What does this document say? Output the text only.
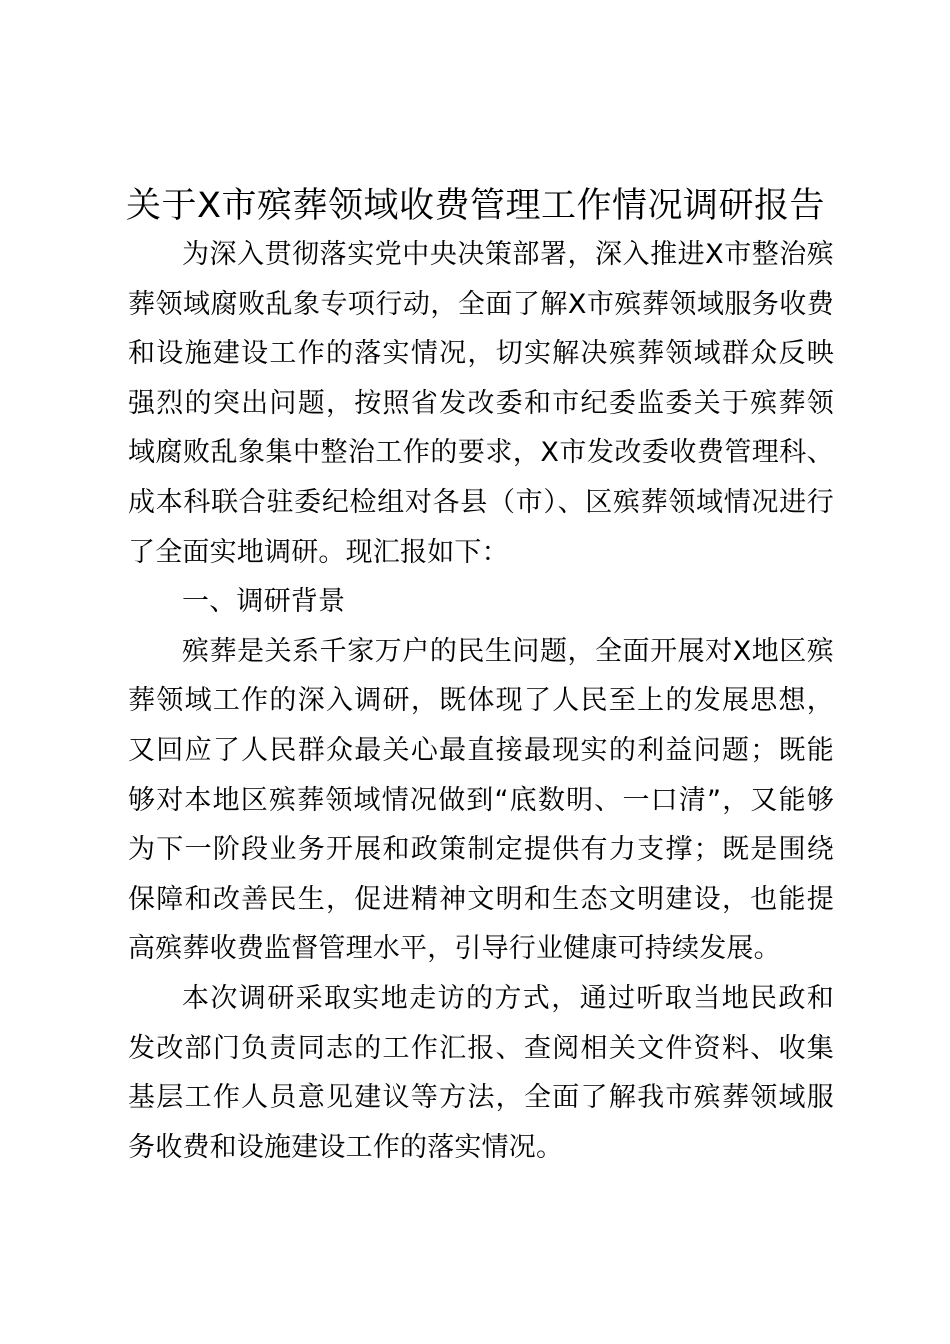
关于X市殡葬领域收费管理工作情况调研报告

为深入贯彻落实党中央决策部署，深入推进X市整治殡葬领域腐败乱象专项行动，全面了解X市殡葬领域服务收费和设施建设工作的落实情况，切实解决殡葬领域群众反映强烈的突出问题，按照省发改委和市纪委监委关于殡葬领域腐败乱象集中整治工作的要求，X市发改委收费管理科、成本科联合驻委纪检组对各县（市）、区殡葬领域情况进行了全面实地调研。现汇报如下：

一、调研背景

殡葬是关系千家万户的民生问题，全面开展对X地区殡葬领域工作的深入调研，既体现了人民至上的发展思想，又回应了人民群众最关心最直接最现实的利益问题；既能够对本地区殡葬领域情况做到“底数明、一口清”，又能够为下一阶段业务开展和政策制定提供有力支撑；既是围绕保障和改善民生，促进精神文明和生态文明建设，也能提高殡葬收费监督管理水平，引导行业健康可持续发展。

本次调研采取实地走访的方式，通过听取当地民政和发改部门负责同志的工作汇报、查阅相关文件资料、收集基层工作人员意见建议等方法，全面了解我市殡葬领域服务收费和设施建设工作的落实情况。
